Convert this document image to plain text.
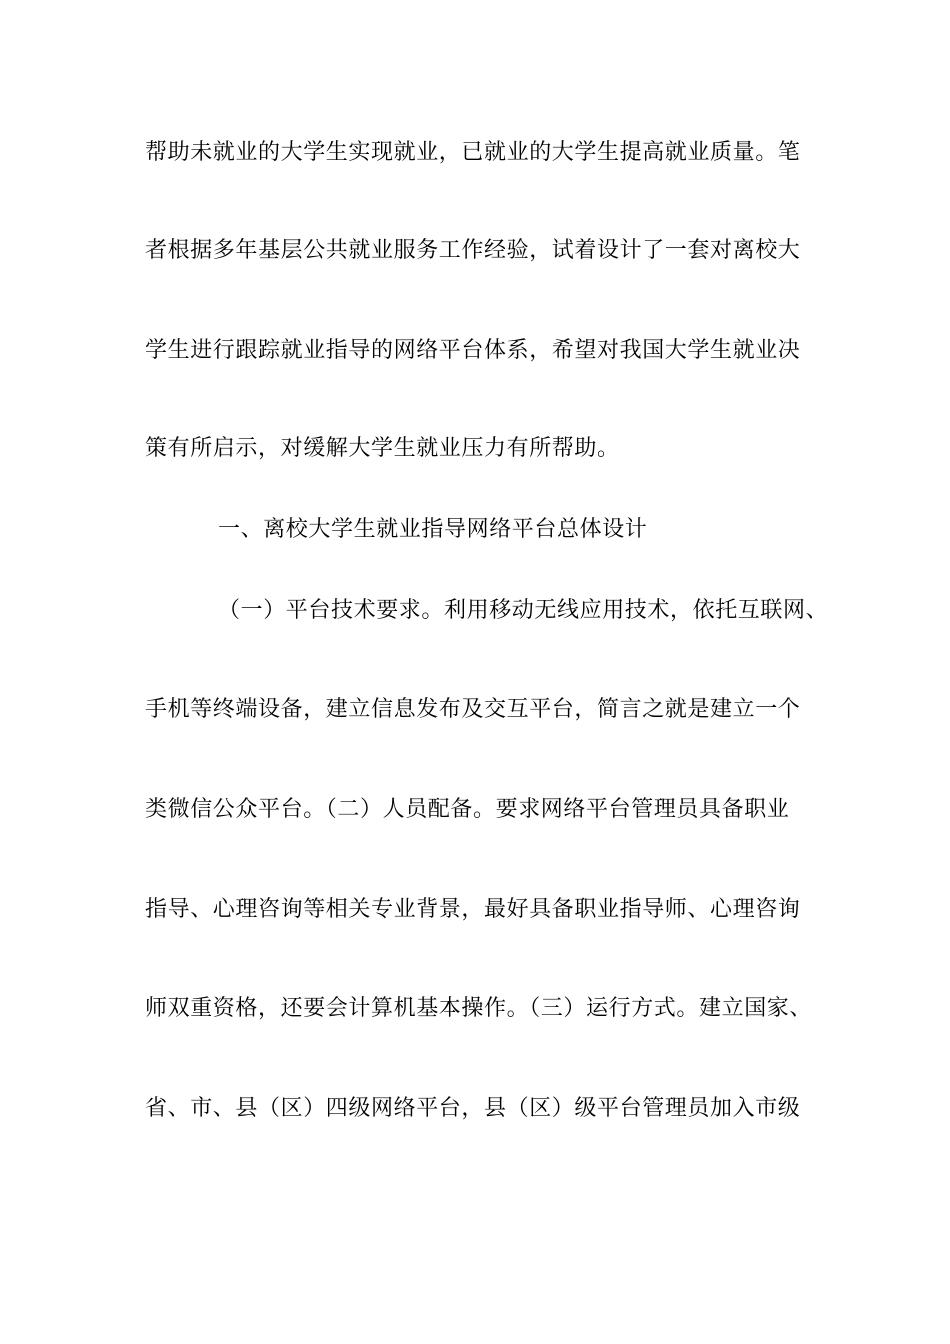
帮助未就业的大学生实现就业，已就业的大学生提高就业质量。笔
者根据多年基层公共就业服务工作经验，试着设计了一套对离校大
学生进行跟踪就业指导的网络平台体系，希望对我国大学生就业决
策有所启示，对缓解大学生就业压力有所帮助。
一、离校大学生就业指导网络平台总体设计
（一）平台技术要求。利用移动无线应用技术，依托互联网、
手机等终端设备，建立信息发布及交互平台，简言之就是建立一个
类微信公众平台。（二）人员配备。要求网络平台管理员具备职业
指导、心理咨询等相关专业背景，最好具备职业指导师、心理咨询
师双重资格，还要会计算机基本操作。（三）运行方式。建立国家、
省、市、县（区）四级网络平台，县（区）级平台管理员加入市级
